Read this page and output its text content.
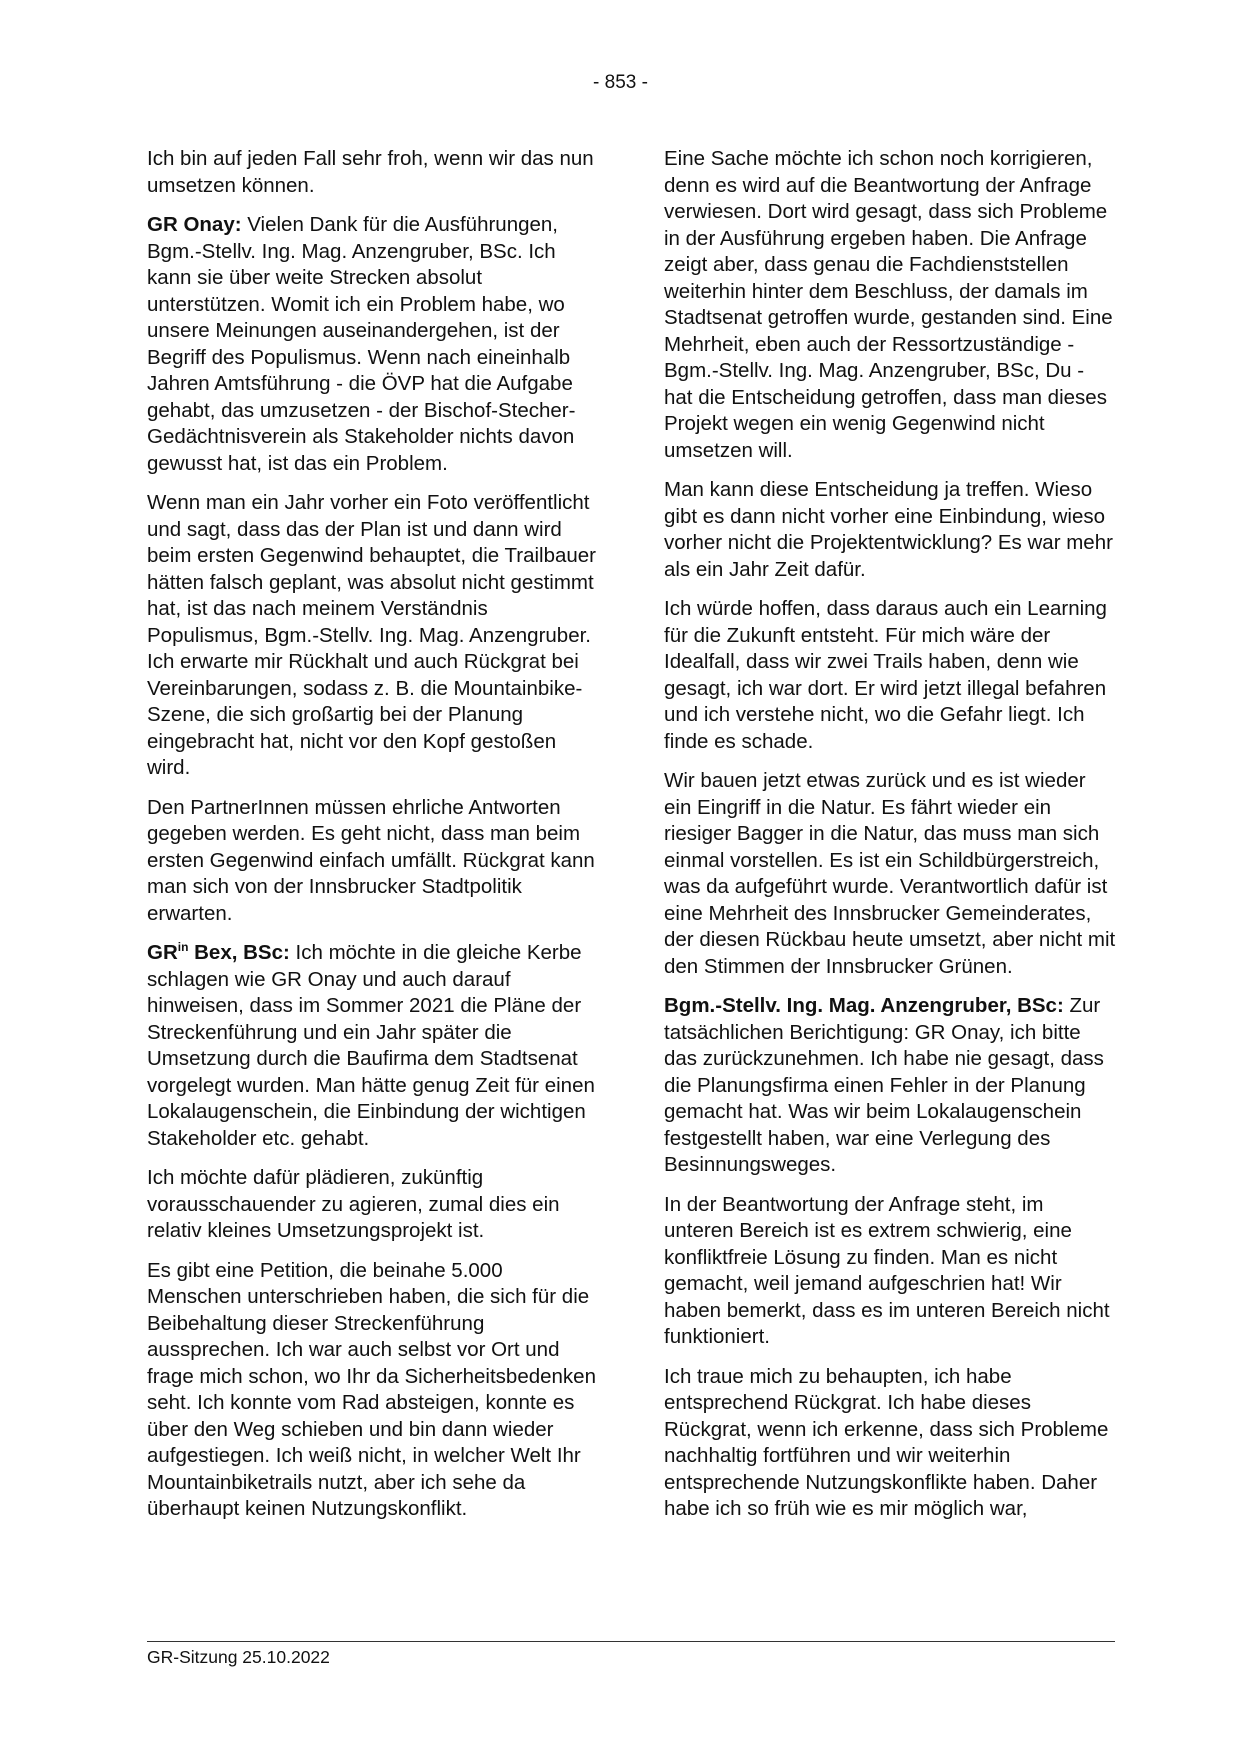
- 853 -

Ich bin auf jeden Fall sehr froh, wenn wir das nun umsetzen können.

GR Onay: Vielen Dank für die Ausführungen, Bgm.-Stellv. Ing. Mag. Anzengruber, BSc. Ich kann sie über weite Strecken absolut unterstützen. Womit ich ein Problem habe, wo unsere Meinungen auseinandergehen, ist der Begriff des Populismus. Wenn nach eineinhalb Jahren Amtsführung - die ÖVP hat die Aufgabe gehabt, das umzusetzen - der Bischof-Stecher-Gedächtnisverein als Stakeholder nichts davon gewusst hat, ist das ein Problem.

Wenn man ein Jahr vorher ein Foto veröffentlicht und sagt, dass das der Plan ist und dann wird beim ersten Gegenwind behauptet, die Trailbauer hätten falsch geplant, was absolut nicht gestimmt hat, ist das nach meinem Verständnis Populismus, Bgm.-Stellv. Ing. Mag. Anzengruber. Ich erwarte mir Rückhalt und auch Rückgrat bei Vereinbarungen, sodass z. B. die Mountainbike-Szene, die sich großartig bei der Planung eingebracht hat, nicht vor den Kopf gestoßen wird.

Den PartnerInnen müssen ehrliche Antworten gegeben werden. Es geht nicht, dass man beim ersten Gegenwind einfach umfällt. Rückgrat kann man sich von der Innsbrucker Stadtpolitik erwarten.

$GR^{in}$ Bex, BSc: Ich möchte in die gleiche Kerbe schlagen wie GR Onay und auch darauf hinweisen, dass im Sommer 2021 die Pläne der Streckenführung und ein Jahr später die Umsetzung durch die Baufirma dem Stadtsenat vorgelegt wurden. Man hätte genug Zeit für einen Lokalaugenschein, die Einbindung der wichtigen Stakeholder etc. gehabt.

Ich möchte dafür plädieren, zukünftig vorausschauender zu agieren, zumal dies ein relativ kleines Umsetzungsprojekt ist.

Es gibt eine Petition, die beinahe 5.000 Menschen unterschrieben haben, die sich für die Beibehaltung dieser Streckenführung aussprechen. Ich war auch selbst vor Ort und frage mich schon, wo Ihr da Sicherheitsbedenken seht. Ich konnte vom Rad absteigen, konnte es über den Weg schieben und bin dann wieder aufgestiegen. Ich weiß nicht, in welcher Welt Ihr Mountainbiketrails nutzt, aber ich sehe da überhaupt keinen Nutzungskonflikt.

Eine Sache möchte ich schon noch korrigieren, denn es wird auf die Beantwortung der Anfrage verwiesen. Dort wird gesagt, dass sich Probleme in der Ausführung ergeben haben. Die Anfrage zeigt aber, dass genau die Fachdienststellen weiterhin hinter dem Beschluss, der damals im Stadtsenat getroffen wurde, gestanden sind. Eine Mehrheit, eben auch der Ressortzuständige - Bgm.-Stellv. Ing. Mag. Anzengruber, BSc, Du - hat die Entscheidung getroffen, dass man dieses Projekt wegen ein wenig Gegenwind nicht umsetzen will.

Man kann diese Entscheidung ja treffen. Wieso gibt es dann nicht vorher eine Einbindung, wieso vorher nicht die Projektentwicklung? Es war mehr als ein Jahr Zeit dafür.

Ich würde hoffen, dass daraus auch ein Learning für die Zukunft entsteht. Für mich wäre der Idealfall, dass wir zwei Trails haben, denn wie gesagt, ich war dort. Er wird jetzt illegal befahren und ich verstehe nicht, wo die Gefahr liegt. Ich finde es schade.

Wir bauen jetzt etwas zurück und es ist wieder ein Eingriff in die Natur. Es fährt wieder ein riesiger Bagger in die Natur, das muss man sich einmal vorstellen. Es ist ein Schildbürgerstreich, was da aufgeführt wurde. Verantwortlich dafür ist eine Mehrheit des Innsbrucker Gemeinderates, der diesen Rückbau heute umsetzt, aber nicht mit den Stimmen der Innsbrucker Grünen.

Bgm.-Stellv. Ing. Mag. Anzengruber, BSc: Zur tatsächlichen Berichtigung: GR Onay, ich bitte das zurückzunehmen. Ich habe nie gesagt, dass die Planungsfirma einen Fehler in der Planung gemacht hat. Was wir beim Lokalaugenschein festgestellt haben, war eine Verlegung des Besinnungsweges.

In der Beantwortung der Anfrage steht, im unteren Bereich ist es extrem schwierig, eine konfliktfreie Lösung zu finden. Man es nicht gemacht, weil jemand aufgeschrien hat! Wir haben bemerkt, dass es im unteren Bereich nicht funktioniert.

Ich traue mich zu behaupten, ich habe entsprechend Rückgrat. Ich habe dieses Rückgrat, wenn ich erkenne, dass sich Probleme nachhaltig fortführen und wir weiterhin entsprechende Nutzungskonflikte haben. Daher habe ich so früh wie es mir möglich war,

GR-Sitzung 25.10.2022
